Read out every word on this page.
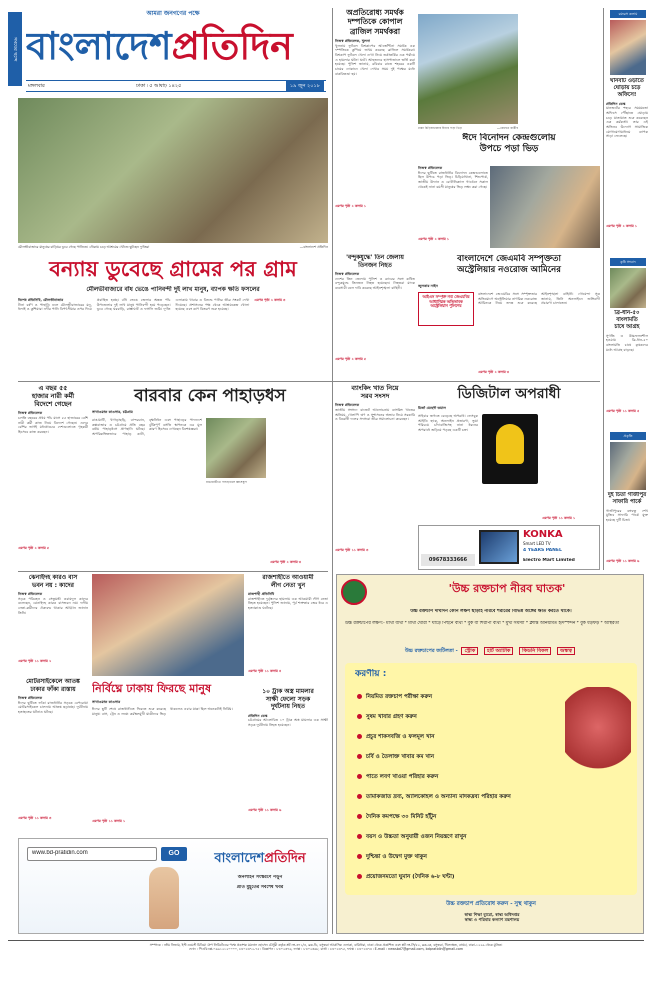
সময়ের ছন্দে
আমরা জনগণের পক্ষে
বাংলাদেশপ্রতিদিন
মঙ্গলবার	ঢাকা ৷ ৫ আষাঢ় ১৪২৫	১৯ জুন ২০১৮
মৌলভীবাজারে মানুষের বাড়িঘর ডুবে গেছে পানিতে। নৌকায় চড়ে আশ্রয়ের খোঁজে ছুটছেন দুর্গতরা	—বাংলাদেশ প্রতিদিন
অপ্রতিরোধ্য সমর্থক
দম্পতিকে কোপাল
ব্রাজিল সমর্থকরা
নিজস্ব প্রতিবেদক, খুলনা
খুলনায় ফুটবল বিশ্বকাপের আর্জেন্টিনা সমর্থক এক দম্পতিকে কুপিয়ে জখম করেছে ব্রাজিল সমর্থকরা। বিশ্বকাপ ফুটবল খেলা দেখা নিয়ে তর্কাতর্কির এক পর্যায়ে এ হামলার ঘটনা ঘটে। আহতদের হাসপাতালে ভর্তি করা হয়েছে। পুলিশ জানায়, রবিবার রাতে শহরের একটি চায়ের দোকানে খেলা দেখার সময় দুই পক্ষের মধ্যে বাকবিতণ্ডা হয়।
এরপর পৃষ্ঠা ২ কলাম ১
ঢাকা চিড়িয়াখানায় ঈদের পড়া ভিড়	—রোহেত রাকীব
ঈদে বিনোদন কেন্দ্রগুলোয়
উপচে পড়া ভিড়
নিজস্ব প্রতিবেদক
ঈদের ছুটিতে রাজধানীর বিনোদন কেন্দ্রগুলোতে ছিল উপচে পড়া ভিড়। চিড়িয়াখানা, শিশুপার্ক, জাতীয় উদ্যান ও বোটানিক্যাল গার্ডেনে সকাল থেকেই নানা বয়সী মানুষের ভিড় লক্ষ্য করা গেছে।
এরপর পৃষ্ঠা ২ কলাম ১
রম্যরস কলাম
ঘানবাট ওড়াতে
ঘোড়ায় চড়ে
অফিসে!
প্রতিদিন ডেস্ক
যানজটের শহরে সময়মতো অফিসে পৌঁছাতে ঘোড়ায় চড়ে যাতায়াত শুরু করেছেন এক কর্মকর্তা। তার এই অভিনব উদ্যোগ সামাজিক যোগাযোগমাধ্যমে ব্যাপক সাড়া ফেলেছে।
এরপর পৃষ্ঠা ২ কলাম ১
কৃষি সংবাদ
ব্রি-ধান-৫০ বাংলামতি
চাষে আগ্রহ
সুগন্ধি ও উচ্চফলনশীল হওয়ায় ব্রি-ধান-৫০ বাংলামতি চাষে কৃষকদের মধ্যে আগ্রহ বাড়ছে।
এরপর পৃষ্ঠা ১১ কলাম ৫
প্রকৃতি
দুই চিতা গাজীপুর
সাফারি পার্কে
গাজীপুরের বঙ্গবন্ধু শেখ মুজিব সাফারি পার্কে যুক্ত হয়েছে দুটি চিতা।
এরপর পৃষ্ঠা ১১ কলাম ৬
বন্যায় ডুবেছে গ্রামের পর গ্রাম
মৌলভীবাজারে বাঁধ ভেঙে পানিবন্দী দুই লাখ মানুষ, ব্যাপক ক্ষতি ফসলের
বিশেষ প্রতিনিধি, মৌলভীবাজার
টানা বর্ষণ ও পাহাড়ি ঢলে মৌলভীবাজারের মনু, ধলাই ও কুশিয়ারা নদীর পানি বিপৎসীমার ওপর দিয়ে প্রবাহিত হচ্ছে। বাঁধ ভেঙে জেলার অন্তত পাঁচ উপজেলার দুই লাখ মানুষ পানিবন্দী হয়ে পড়েছেন। ডুবে গেছে ঘরবাড়ি, রাস্তাঘাট ও ফসলি জমি। দুর্গত এলাকায় খাবার ও বিশুদ্ধ পানির তীব্র সংকট দেখা দিয়েছে। প্রশাসনের পক্ষ থেকে আশ্রয়কেন্দ্র খোলা হয়েছে এবং ত্রাণ বিতরণ শুরু হয়েছে।
এরপর পৃষ্ঠা ২ কলাম ৩
'বন্দুকযুদ্ধে' তিন জেলায়
তিনজন নিহত
নিজস্ব প্রতিবেদক
দেশের তিন জেলায় পুলিশ ও র‌্যাবের সঙ্গে কথিত বন্দুকযুদ্ধে তিনজন নিহত হয়েছেন। নিহতরা মাদক ব্যবসায়ী বলে দাবি করেছে আইনশৃঙ্খলা বাহিনী।
এরপর পৃষ্ঠা ২ কলাম ৫
বাংলাদেশে জেএমবি সম্পৃক্ততা
অস্ট্রেলিয়ার নওরোজ আমিনের
জুলকার নাইন
আইএস সম্পৃক্ত নব্য জেএমবির
আধ্যাত্মিক অভিভাবক
অস্ট্রেলিয়ান পুলিশের
বাংলাদেশে জেএমবির সঙ্গে সম্পৃক্ততার অভিযোগে অস্ট্রেলিয়ার নাগরিক নওরোজ আমিনকে নিয়ে তদন্ত শুরু করেছে আইনশৃঙ্খলা বাহিনী। গোয়েন্দা সূত্র জানায়, তিনি অনলাইনে জঙ্গিবাদী প্রচারণা চালাতেন।
এরপর পৃষ্ঠা ২ কলাম ৩
এ বছর ৫৫
হাজার নারী কর্মী
বিদেশে গেছেন
নিজস্ব প্রতিবেদক
চলতি বছরের প্রথম পাঁচ মাসে ৫৫ হাজারের বেশি নারী কর্মী কাজ নিয়ে বিদেশে গেছেন। এদের বেশির ভাগই মধ্যপ্রাচ্যের দেশগুলোতে গৃহকর্মী হিসেবে কাজ করছেন।
এরপর পৃষ্ঠা ২ কলাম ৫
বারবার কেন পাহাড়ধস
সাখাওয়াত কাওসার, চট্টগ্রাম
রাঙামাটি, খাগড়াছড়ি, বান্দরবান, কক্সবাজার ও চট্টগ্রামে প্রতি বছর বর্ষায় পাহাড়ধসে প্রাণহানি ঘটছে। অপরিকল্পিতভাবে পাহাড় কাটা, বৃক্ষনিধন এবং পাহাড়ের পাদদেশে ঝুঁকিপূর্ণ বসতি স্থাপনকে এর মূল কারণ হিসেবে দেখছেন বিশেষজ্ঞরা।
রাঙামাটিতে পাহাড়ধসে ধ্বংসস্তূপ
এরপর পৃষ্ঠা ২ কলাম ৩
ব্যাংকিং খাত নিয়ে
সরব সংসদ
নিজস্ব প্রতিবেদক
জাতীয় সংসদে বাজেট আলোচনায় ব্যাংকিং খাতের অনিয়ম, খেলাপি ঋণ ও সুশাসনের অভাব নিয়ে সরকারি ও বিরোধী দলের সদস্যরা তীব্র সমালোচনা করেছেন।
এরপর পৃষ্ঠা ১১ কলাম ৩
ডিজিটাল অপরাধী
মির্জা মেহেদী তমাল
সাইবার জগতে বেড়েছে অপরাধ। ফেসবুক আইডি হ্যাক, অনলাইন প্রতারণা, ভুয়া পরিচয়ে চাঁদাবাজিসহ নানা ধরনের অপরাধে জড়িয়ে পড়ছে একটি চক্র।
এরপর পৃষ্ঠা ১১ কলাম ১
09678333666
KONKA
Smart LED TV
4 YEARS PANEL
Electro Mart Limited
ঝেনাইদহ কারও বাস
ভবন নয় : কাদের
নিজস্ব প্রতিবেদক
সড়ক পরিবহন ও সেতুমন্ত্রী ওবায়দুল কাদের বলেছেন, ঝেনাইদহ কারও বাসভবন নয়। দলীয় নেতা-কর্মীদের ঐক্যবদ্ধ থাকার আহ্বান জানান তিনি।
এরপর পৃষ্ঠা ১১ কলাম ২
মোটরসাইকেলে আতঙ্ক
ঢাকার ফাঁকা রাস্তায়
নিজস্ব প্রতিবেদক
ঈদের ছুটিতে ফাঁকা রাজধানীর সড়কে বেপরোয়া মোটরসাইকেল চালনায় আতঙ্ক ছড়াচ্ছে। দুর্ঘটনায় হতাহতের ঘটনাও ঘটছে।
এরপর পৃষ্ঠা ১১ কলাম ৩
রাজশাহীতে আওয়ামী
লীগ নেতা খুন
রাজশাহী প্রতিনিধি
রাজশাহীতে দুর্বৃত্তদের হামলায় এক আওয়ামী লীগ নেতা নিহত হয়েছেন। পুলিশ জানায়, পূর্ব শত্রুতার জের ধরে এ হত্যাকাণ্ড ঘটেছে।
এরপর পৃষ্ঠা ১১ কলাম ৪
নির্বিঘ্নে ঢাকায় ফিরছে মানুষ
সাখাওয়াত কাওসার
ঈদের ছুটি শেষে রাজধানীতে ফিরতে শুরু করেছে মানুষ। বাস, ট্রেন ও লঞ্চে কর্মস্থলমুখী যাত্রীদের ভিড় থাকলেও এবার যাত্রা ছিল অনেকটাই নির্বিঘ্ন।
এরপর পৃষ্ঠা ১১ কলাম ১
১০ ট্রাক অস্ত্র মামলার
সাক্ষী ফেলো সড়ক
দুর্ঘটনায় নিহত
প্রতিদিন ডেস্ক
চট্টগ্রামের আলোচিত ১০ ট্রাক অস্ত্র মামলার এক সাক্ষী সড়ক দুর্ঘটনায় নিহত হয়েছেন।
এরপর পৃষ্ঠা ১১ কলাম ৬
'উচ্চ রক্তচাপ নীরব ঘাতক'
উচ্চ রক্তচাপ দীর্ঘদিন কোন লক্ষণ ছাড়াই নীরবে শরীরের বিভিন্ন অঙ্গের ক্ষতি করতে থাকে।
উচ্চ রক্তচাপের লক্ষণ:- মাথা ব্যথা * মাথা ঘোরা * ঘাড়ে পিছনে ব্যথা * বুক বা শিরাপা ব্যথা * মুখ্য সমস্যা * ক্লান্তি অনিয়মিত হৃদস্পন্দন * বুক ধড়ফড় * অস্থিরতা
উচ্চ রক্তচাপের জটিলতা - স্ট্রোক হার্ট অ্যাটাক কিডনি বিকল অন্ধত্ব
করণীয় :
নিয়মিত রক্তচাপ পরীক্ষা করুন
সুষম খাবার গ্রহণ করুন
প্রচুর শাকসবজি ও ফলমূল খান
চর্বি ও তৈলাক্ত খাবার কম খান
পাতে লবণ খাওয়া পরিহার করুন
তামাকজাত দ্রব্য, অ্যালকোহল ও অন্যান্য মাদকদ্রব্য পরিহার করুন
দৈনিক কমপক্ষে ৩০ মিনিট হাঁটুন
বয়স ও উচ্চতা অনুযায়ী ওজন নিয়ন্ত্রণে রাখুন
দুশ্চিন্তা ও উদ্বেগ মুক্ত থাকুন
প্রয়োজনমতো ঘুমান (দৈনিক ৬-৮ ঘন্টা)
উচ্চ রক্তচাপ প্রতিরোধ করুন - সুস্থ থাকুন
স্বাস্থ্য শিক্ষা ব্যুরো, স্বাস্থ্য অধিদপ্তর
স্বাস্থ্য ও পরিবার কল্যাণ মন্ত্রণালয়
www.bd-pratidin.com	GO	বাংলাদেশপ্রতিদিন
অনলাইন সংস্করণে পড়ুন
প্রতি মুহূর্তের সর্বশেষ খবর
সম্পাদক : নঈম নিজাম, ইস্ট ওয়েস্ট মিডিয়া গ্রুপ লিমিটেডের পক্ষে প্রকাশক ময়নাল হোসেন চৌধুরী কর্তৃক প্লট নং-৩৭১/এ, ব্লক-ডি, বসুন্ধরা আবাসিক এলাকা, বারিধারা, ঢাকা থেকে প্রকাশিত এবং প্লট নং-সি/৫২, ব্লক-কে, বসুন্ধরা, খিলক্ষেত, বাড্ডা, ঢাকা-১২২৯ থেকে মুদ্রিত।
ফোন : পিএবিএক্স-০৯৬১২১২০০০০, ৮৪০২৩৭২-৭৫ ৷ বিজ্ঞাপন : ৮৪০২৩৭৬, ফ্যাক্স : ৮৪০২৩৬৮, বার্তা : ৮৪০২৩৭৫, ফ্যাক্স : ৮৪০২৩৭৪ ৷ E-mail : newsbd7@gmail.com, bdpratidin@gmail.com
